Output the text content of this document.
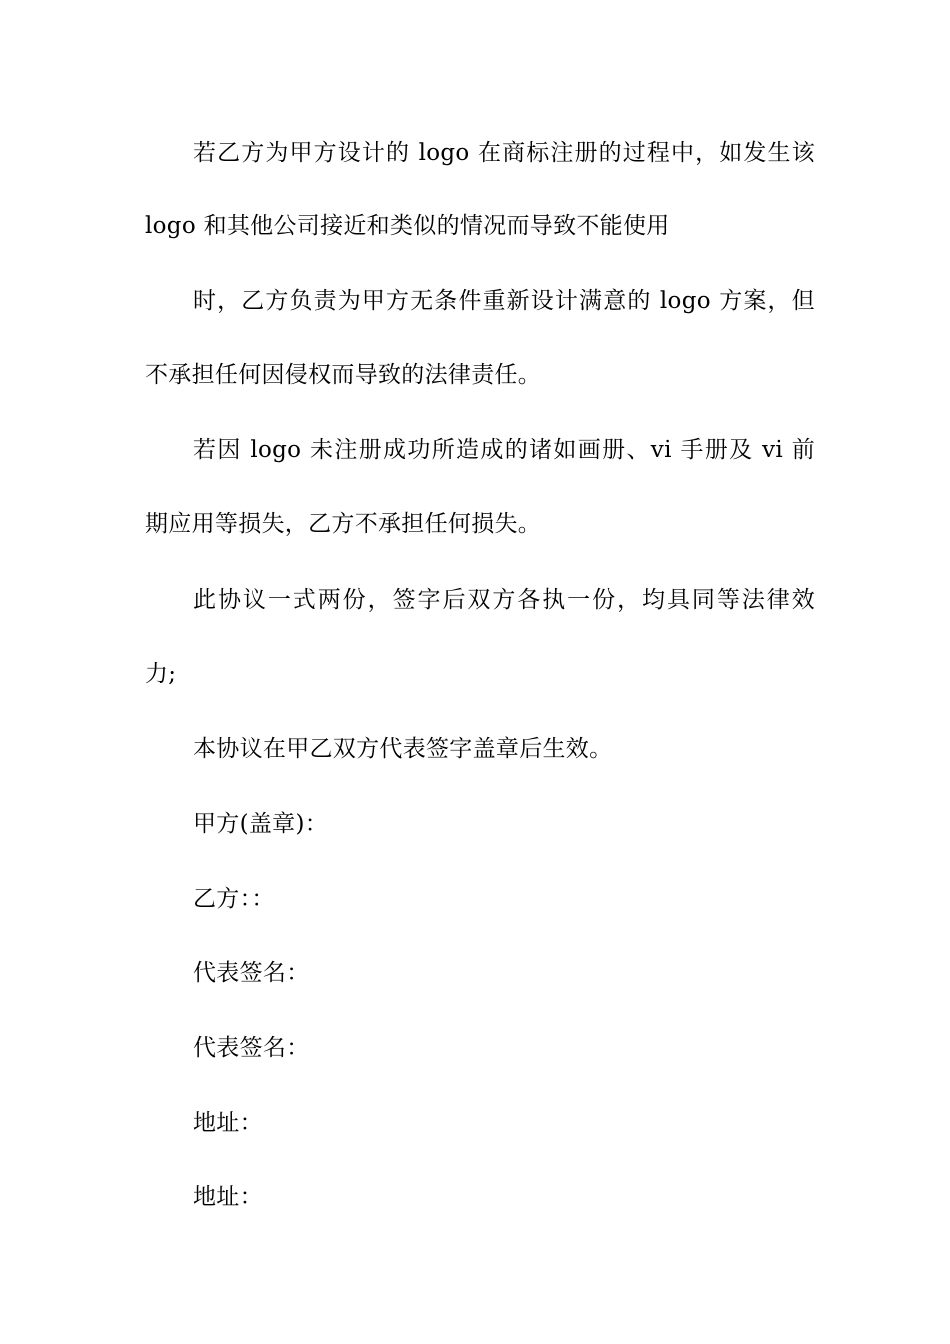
若乙方为甲方设计的 logo 在商标注册的过程中，如发生该
logo 和其他公司接近和类似的情况而导致不能使用
时，乙方负责为甲方无条件重新设计满意的 logo 方案，但
不承担任何因侵权而导致的法律责任。
若因 logo 未注册成功所造成的诸如画册、vi 手册及 vi 前
期应用等损失，乙方不承担任何损失。
此协议一式两份，签字后双方各执一份，均具同等法律效
力;
本协议在甲乙双方代表签字盖章后生效。
甲方(盖章)：
乙方：：
代表签名：
代表签名：
地址：
地址：
